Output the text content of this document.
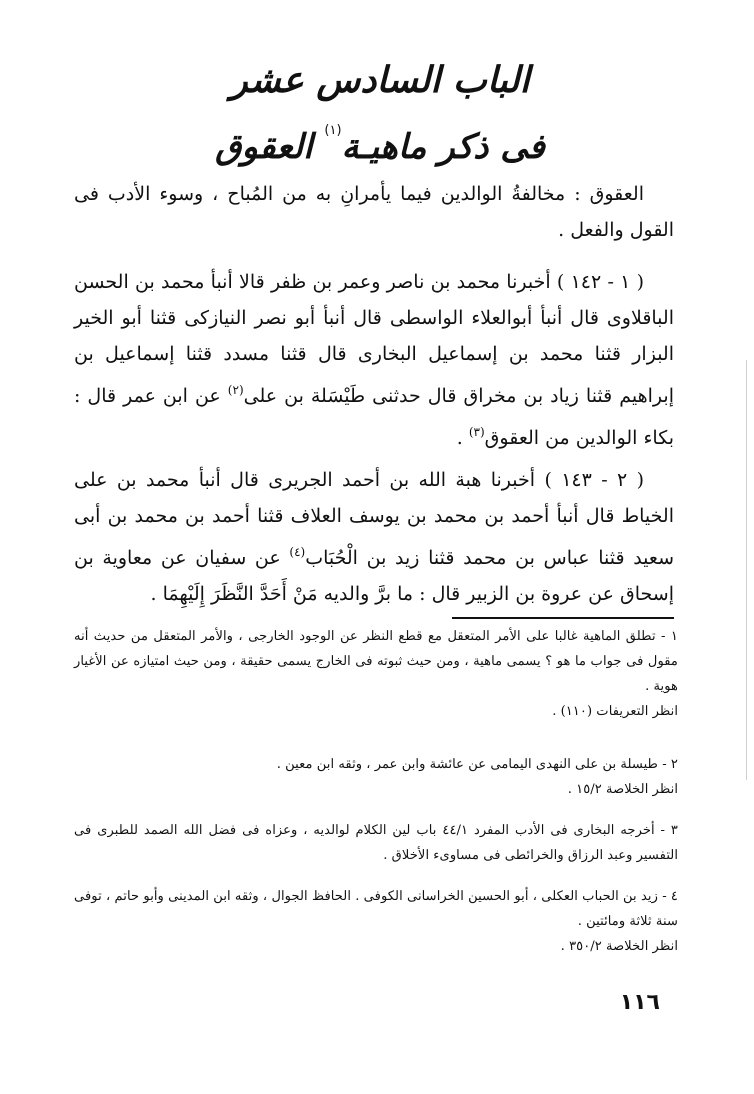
الباب السادس عشر
فى ذكر ماهيـة$^{(١)}$ العقوق

العقوق : مخالفةُ الوالدين فيما يأمرانِ به من المُباح ، وسوء الأدب فى القول والفعل .

( ١ - ١٤٢ ) أخبرنا محمد بن ناصر وعمر بن ظفر قالا أنبأ محمد بن الحسن الباقلاوى قال أنبأ أبوالعلاء الواسطى قال أنبأ أبو نصر النيازكى قثنا أبو الخير البزار قثنا محمد بن إسماعيل البخارى قال قثنا مسدد قثنا إسماعيل بن إبراهيم قثنا زياد بن مخراق قال حدثنى طَيْسَلة بن على$^{(٢)}$ عن ابن عمر قال : بكاء الوالدين من العقوق$^{(٣)}$ .

( ٢ - ١٤٣ ) أخبرنا هبة الله بن أحمد الجريرى قال أنبأ محمد بن على الخياط قال أنبأ أحمد بن محمد بن يوسف العلاف قثنا أحمد بن محمد بن أبى سعيد قثنا عباس بن محمد قثنا زيد بن الْحُبَاب$^{(٤)}$ عن سفيان عن معاوية بن إسحاق عن عروة بن الزبير قال : ما برَّ والديه مَنْ أَحَدَّ النَّظَرَ إِلَيْهِمَا .

١ - تطلق الماهية غالبا على الأمر المتعقل مع قطع النظر عن الوجود الخارجى ، والأمر المتعقل من حديث أنه مقول فى جواب ما هو ؟ يسمى ماهية ، ومن حيث ثبوته فى الخارج يسمى حقيقة ، ومن حيث امتيازه عن الأغيار هوية .
انظر التعريفات (١١٠) .

٢ - طيسلة بن على النهدى اليمامى عن عائشة وابن عمر ، وثقه ابن معين .
انظر الخلاصة ١٥/٢ .

٣ - أخرجه البخارى فى الأدب المفرد ٤٤/١ باب لين الكلام لوالديه ، وعزاه فى فضل الله الصمد للطبرى فى التفسير وعبد الرزاق والخرائطى فى مساوىء الأخلاق .

٤ - زيد بن الحباب العكلى ، أبو الحسين الخراسانى الكوفى . الحافظ الجوال ، وثقه ابن المدينى وأبو حاتم ، توفى سنة ثلاثة ومائتين .
انظر الخلاصة ٣٥٠/٢ .

١١٦
